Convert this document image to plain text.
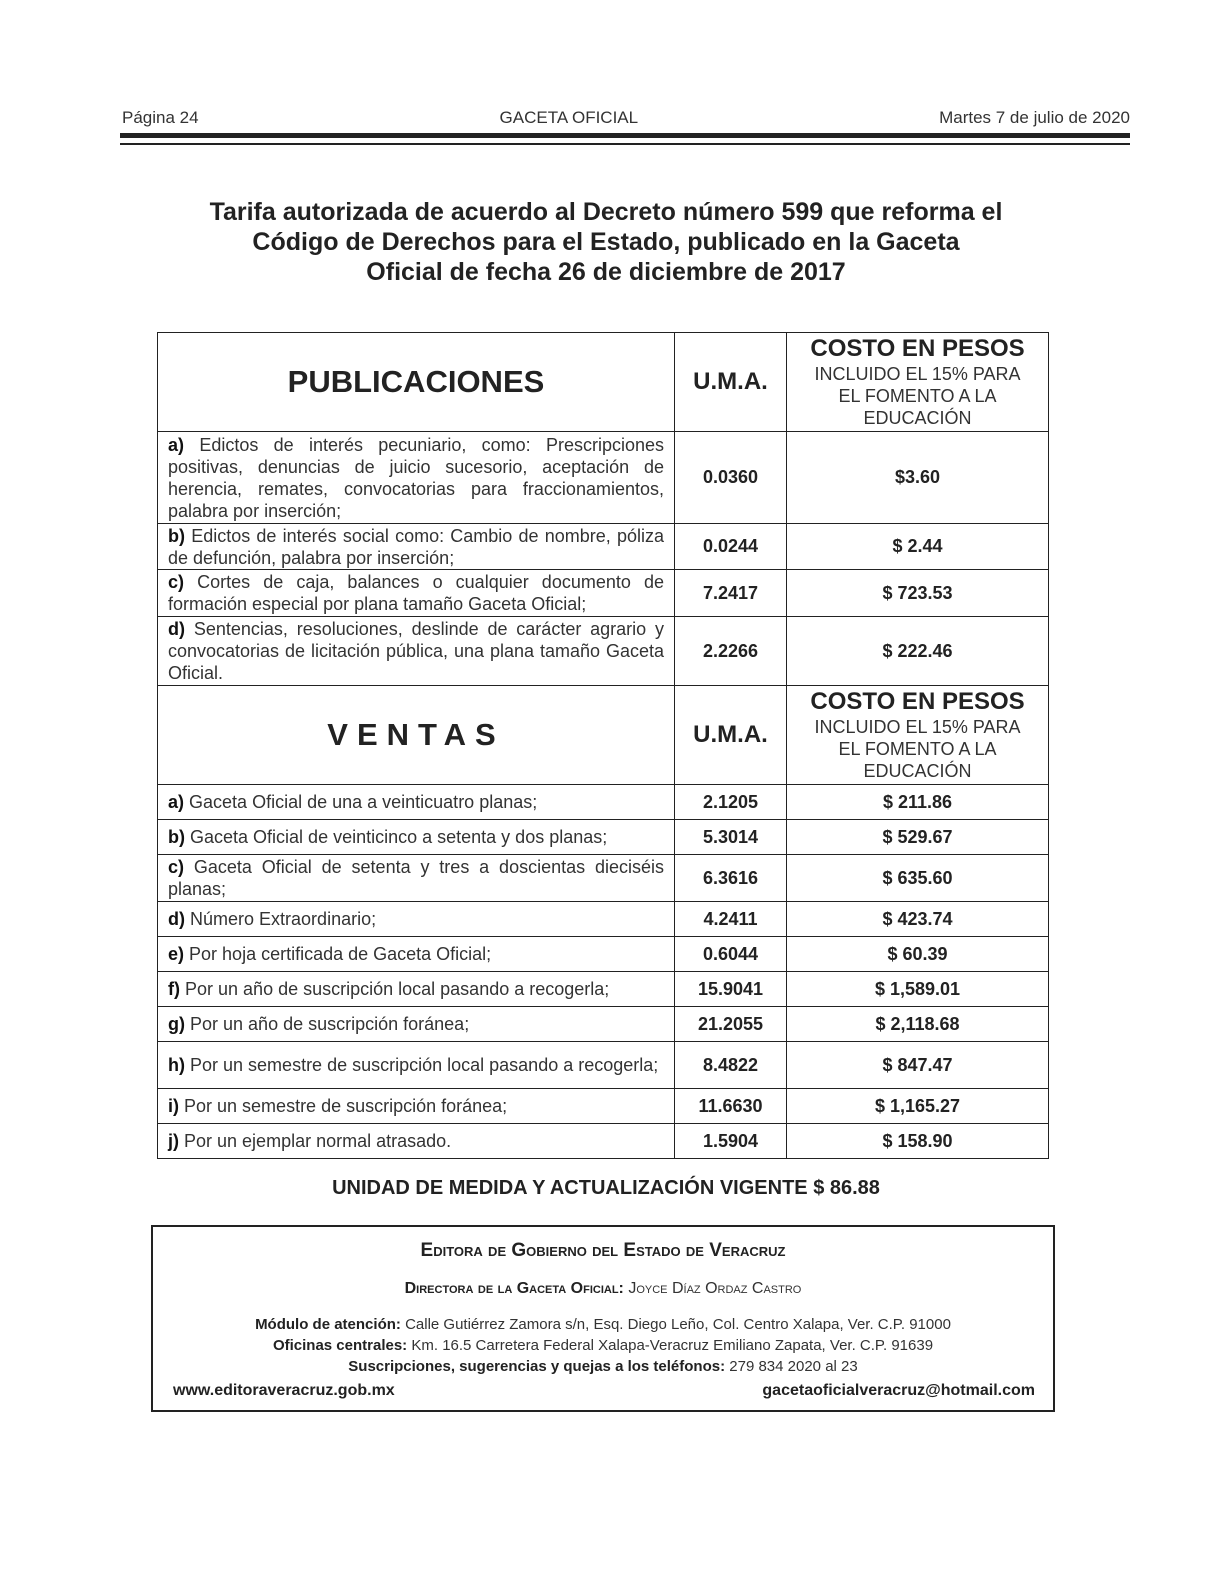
Página 24	GACETA OFICIAL	Martes 7 de julio de 2020
Tarifa autorizada de acuerdo al Decreto número 599 que reforma el
Código de Derechos para el Estado, publicado en la Gaceta
Oficial de fecha 26 de diciembre de 2017
PUBLICACIONES	U.M.A.	COSTO EN PESOS
INCLUIDO EL 15% PARA
EL FOMENTO A LA
EDUCACIÓN

a) Edictos de interés pecuniario, como: Prescripciones positivas, denuncias de juicio sucesorio, aceptación de herencia, remates, convocatorias para fraccionamientos, palabra por inserción;	0.0360	$3.60
b) Edictos de interés social como: Cambio de nombre, póliza de defunción, palabra por inserción;	0.0244	$ 2.44
c) Cortes de caja, balances o cualquier documento de formación especial por plana tamaño Gaceta Oficial;	7.2417	$ 723.53
d) Sentencias, resoluciones, deslinde de carácter agrario y convocatorias de licitación pública, una plana tamaño Gaceta Oficial.	2.2266	$ 222.46
VENTAS	U.M.A.	COSTO EN PESOS
INCLUIDO EL 15% PARA
EL FOMENTO A LA
EDUCACIÓN

a) Gaceta Oficial de una a veinticuatro planas;	2.1205	$ 211.86
b) Gaceta Oficial de veinticinco a setenta y dos planas;	5.3014	$ 529.67
c) Gaceta Oficial de setenta y tres a doscientas dieciséis planas;	6.3616	$ 635.60
d) Número Extraordinario;	4.2411	$ 423.74
e) Por hoja certificada de Gaceta Oficial;	0.6044	$ 60.39
f) Por un año de suscripción local pasando a recogerla;	15.9041	$ 1,589.01
g) Por un año de suscripción foránea;	21.2055	$ 2,118.68
h) Por un semestre de suscripción local pasando a recogerla;	8.4822	$ 847.47
i) Por un semestre de suscripción foránea;	11.6630	$ 1,165.27
j) Por un ejemplar normal atrasado.	1.5904	$ 158.90
UNIDAD DE MEDIDA Y ACTUALIZACIÓN VIGENTE $ 86.88
Editora de Gobierno del Estado de Veracruz
Directora de la Gaceta Oficial: Joyce Díaz Ordaz Castro
Módulo de atención: Calle Gutiérrez Zamora s/n, Esq. Diego Leño, Col. Centro Xalapa, Ver. C.P. 91000
Oficinas centrales: Km. 16.5 Carretera Federal Xalapa-Veracruz Emiliano Zapata, Ver. C.P. 91639
Suscripciones, sugerencias y quejas a los teléfonos: 279 834 2020 al 23
www.editoraveracruz.gob.mx	gacetaoficialveracruz@hotmail.com
